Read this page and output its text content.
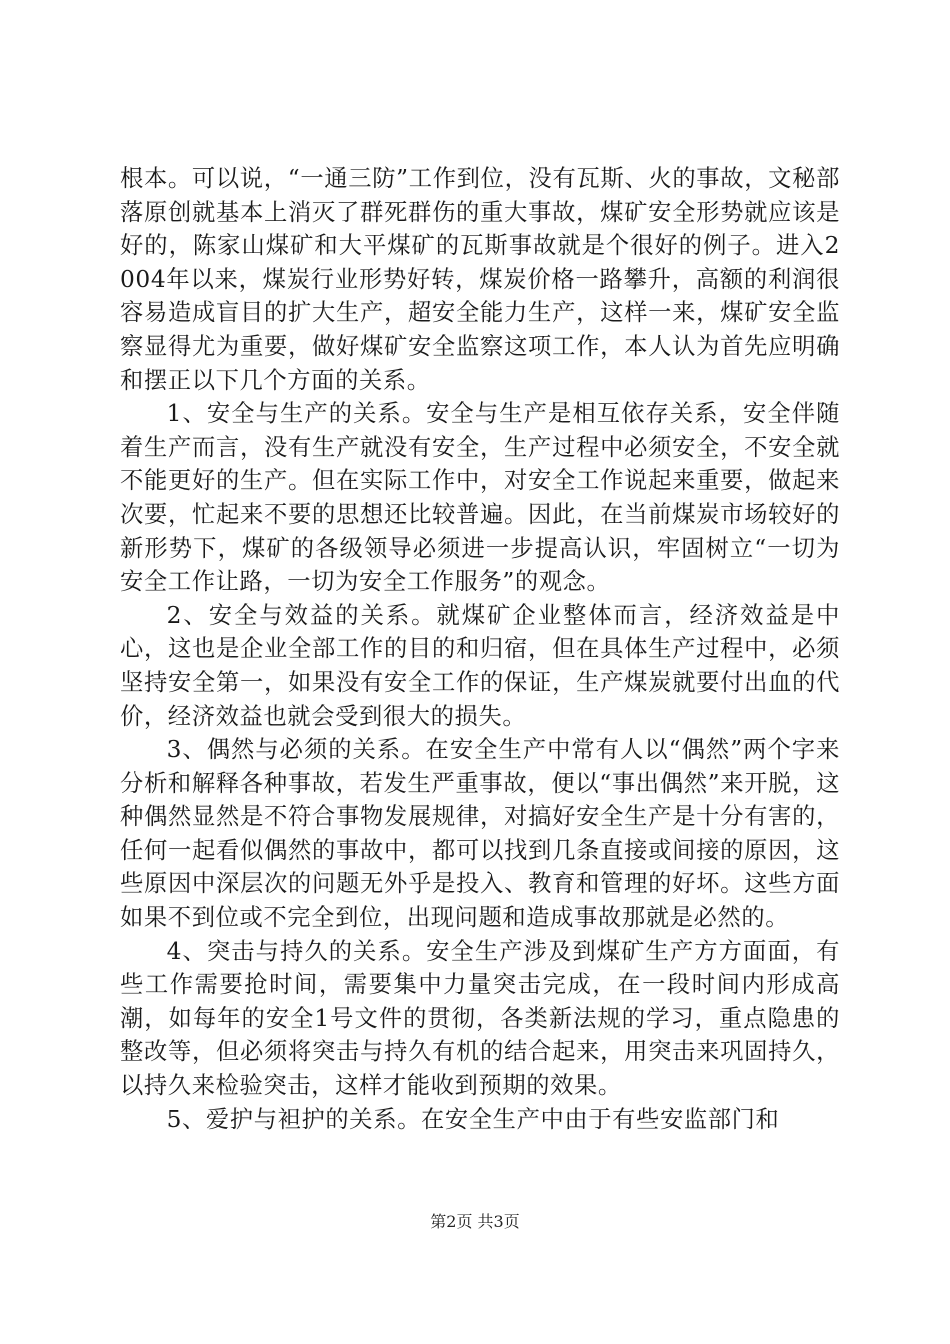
根本。可以说，“一通三防”工作到位，没有瓦斯、火的事故，文秘部落原创就基本上消灭了群死群伤的重大事故，煤矿安全形势就应该是好的，陈家山煤矿和大平煤矿的瓦斯事故就是个很好的例子。进入2004年以来，煤炭行业形势好转，煤炭价格一路攀升，高额的利润很容易造成盲目的扩大生产，超安全能力生产，这样一来，煤矿安全监察显得尤为重要，做好煤矿安全监察这项工作，本人认为首先应明确和摆正以下几个方面的关系。

1、安全与生产的关系。安全与生产是相互依存关系，安全伴随着生产而言，没有生产就没有安全，生产过程中必须安全，不安全就不能更好的生产。但在实际工作中，对安全工作说起来重要，做起来次要，忙起来不要的思想还比较普遍。因此，在当前煤炭市场较好的新形势下，煤矿的各级领导必须进一步提高认识，牢固树立“一切为安全工作让路，一切为安全工作服务”的观念。

2、安全与效益的关系。就煤矿企业整体而言，经济效益是中心，这也是企业全部工作的目的和归宿，但在具体生产过程中，必须坚持安全第一，如果没有安全工作的保证，生产煤炭就要付出血的代价，经济效益也就会受到很大的损失。

3、偶然与必须的关系。在安全生产中常有人以“偶然”两个字来分析和解释各种事故，若发生严重事故，便以“事出偶然”来开脱，这种偶然显然是不符合事物发展规律，对搞好安全生产是十分有害的，任何一起看似偶然的事故中，都可以找到几条直接或间接的原因，这些原因中深层次的问题无外乎是投入、教育和管理的好坏。这些方面如果不到位或不完全到位，出现问题和造成事故那就是必然的。

4、突击与持久的关系。安全生产涉及到煤矿生产方方面面，有些工作需要抢时间，需要集中力量突击完成，在一段时间内形成高潮，如每年的安全1号文件的贯彻，各类新法规的学习，重点隐患的整改等，但必须将突击与持久有机的结合起来，用突击来巩固持久，以持久来检验突击，这样才能收到预期的效果。

5、爱护与袒护的关系。在安全生产中由于有些安监部门和

第2页 共3页
